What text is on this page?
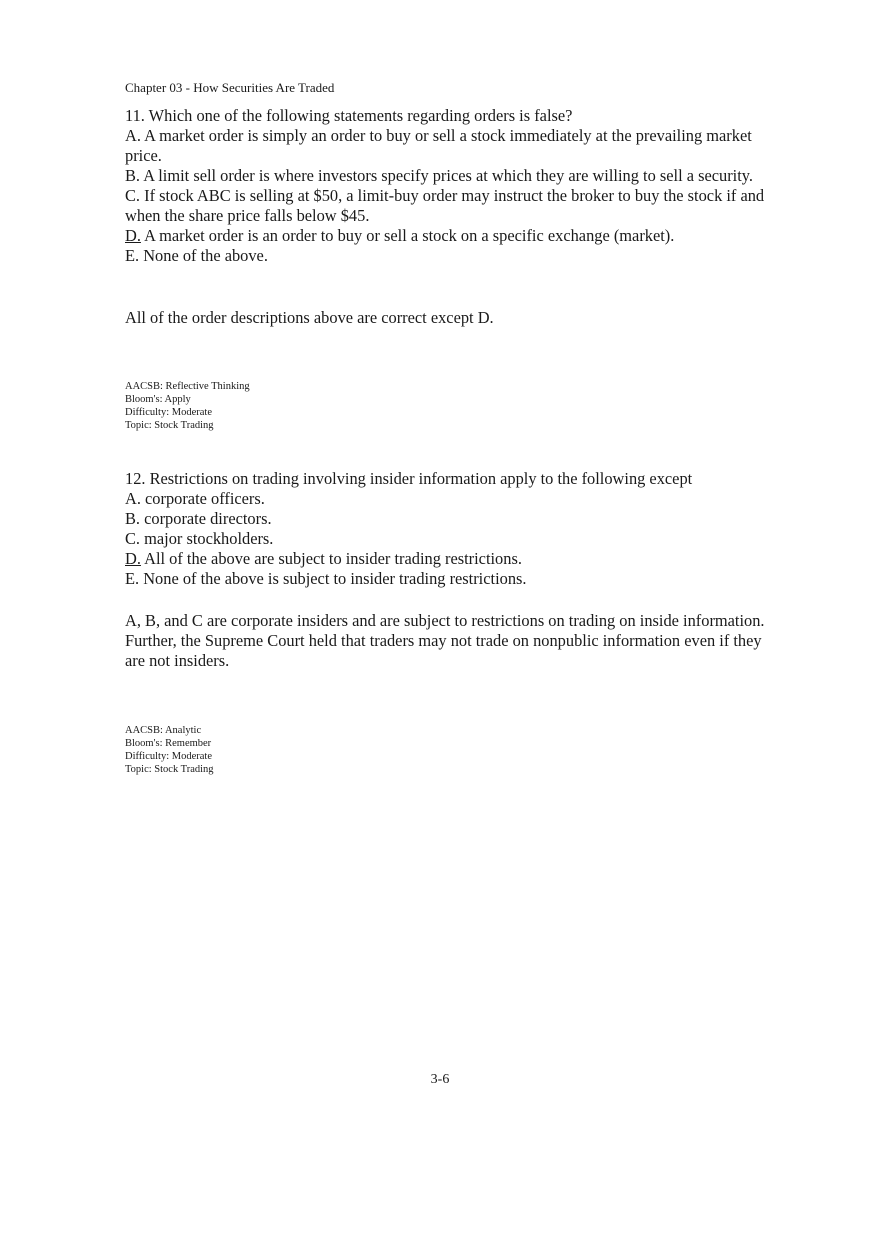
Chapter 03 - How Securities Are Traded
11. Which one of the following statements regarding orders is false?
A. A market order is simply an order to buy or sell a stock immediately at the prevailing market price.
B. A limit sell order is where investors specify prices at which they are willing to sell a security.
C. If stock ABC is selling at $50, a limit-buy order may instruct the broker to buy the stock if and when the share price falls below $45.
D. A market order is an order to buy or sell a stock on a specific exchange (market).
E. None of the above.
All of the order descriptions above are correct except D.
AACSB: Reflective Thinking
Bloom's: Apply
Difficulty: Moderate
Topic: Stock Trading
12. Restrictions on trading involving insider information apply to the following except
A. corporate officers.
B. corporate directors.
C. major stockholders.
D. All of the above are subject to insider trading restrictions.
E. None of the above is subject to insider trading restrictions.
A, B, and C are corporate insiders and are subject to restrictions on trading on inside information. Further, the Supreme Court held that traders may not trade on nonpublic information even if they are not insiders.
AACSB: Analytic
Bloom's: Remember
Difficulty: Moderate
Topic: Stock Trading
3-6
